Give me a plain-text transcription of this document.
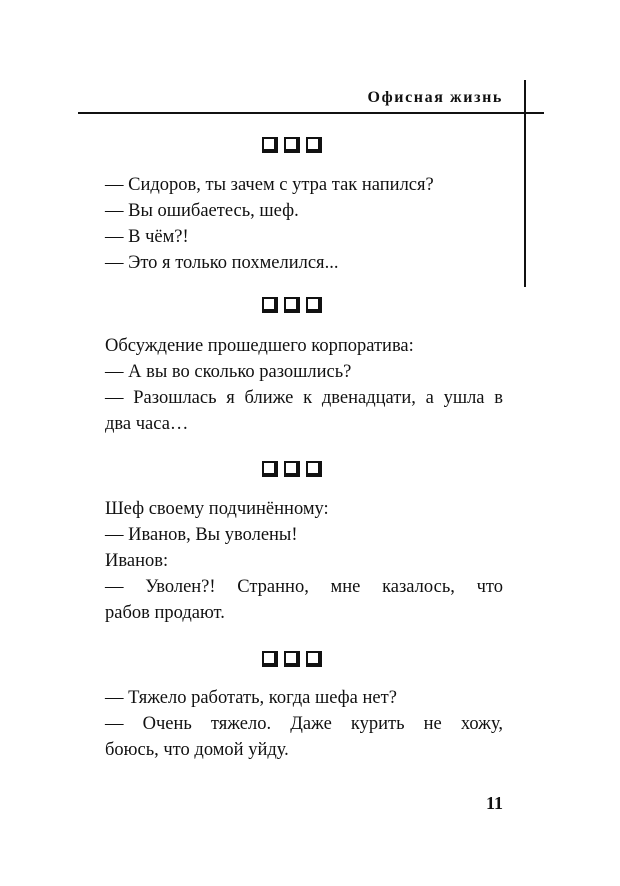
Офисная жизнь
— Сидоров, ты зачем с утра так напился?
— Вы ошибаетесь, шеф.
— В чём?!
— Это я только похмелился...
Обсуждение прошедшего корпоратива:
— А вы во сколько разошлись?
— Разошлась я ближе к двенадцати, а ушла в
два часа…
Шеф своему подчинённому:
— Иванов, Вы уволены!
Иванов:
— Уволен?! Странно, мне казалось, что
рабов продают.
— Тяжело работать, когда шефа нет?
— Очень тяжело. Даже курить не хожу,
боюсь, что домой уйду.
11
